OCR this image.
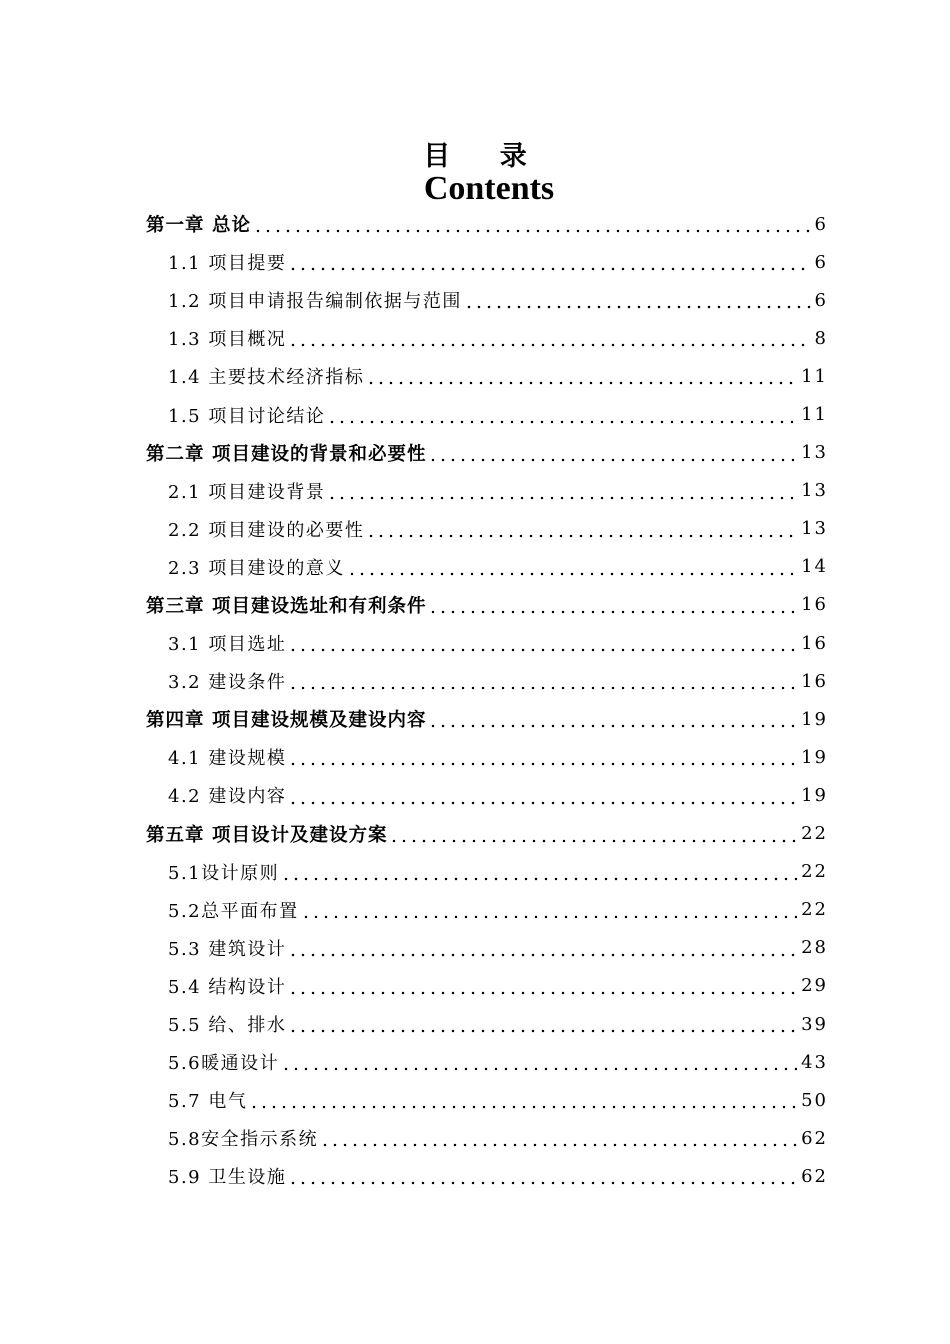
目 录
Contents
第一章 总论	6
1.1 项目提要	6
1.2 项目申请报告编制依据与范围	6
1.3 项目概况	8
1.4 主要技术经济指标	11
1.5 项目讨论结论	11
第二章 项目建设的背景和必要性	13
2.1 项目建设背景	13
2.2 项目建设的必要性	13
2.3 项目建设的意义	14
第三章 项目建设选址和有利条件	16
3.1 项目选址	16
3.2 建设条件	16
第四章 项目建设规模及建设内容	19
4.1 建设规模	19
4.2 建设内容	19
第五章 项目设计及建设方案	22
5.1设计原则	22
5.2总平面布置	22
5.3 建筑设计	28
5.4 结构设计	29
5.5 给、排水	39
5.6暖通设计	43
5.7 电气	50
5.8安全指示系统	62
5.9 卫生设施	62
